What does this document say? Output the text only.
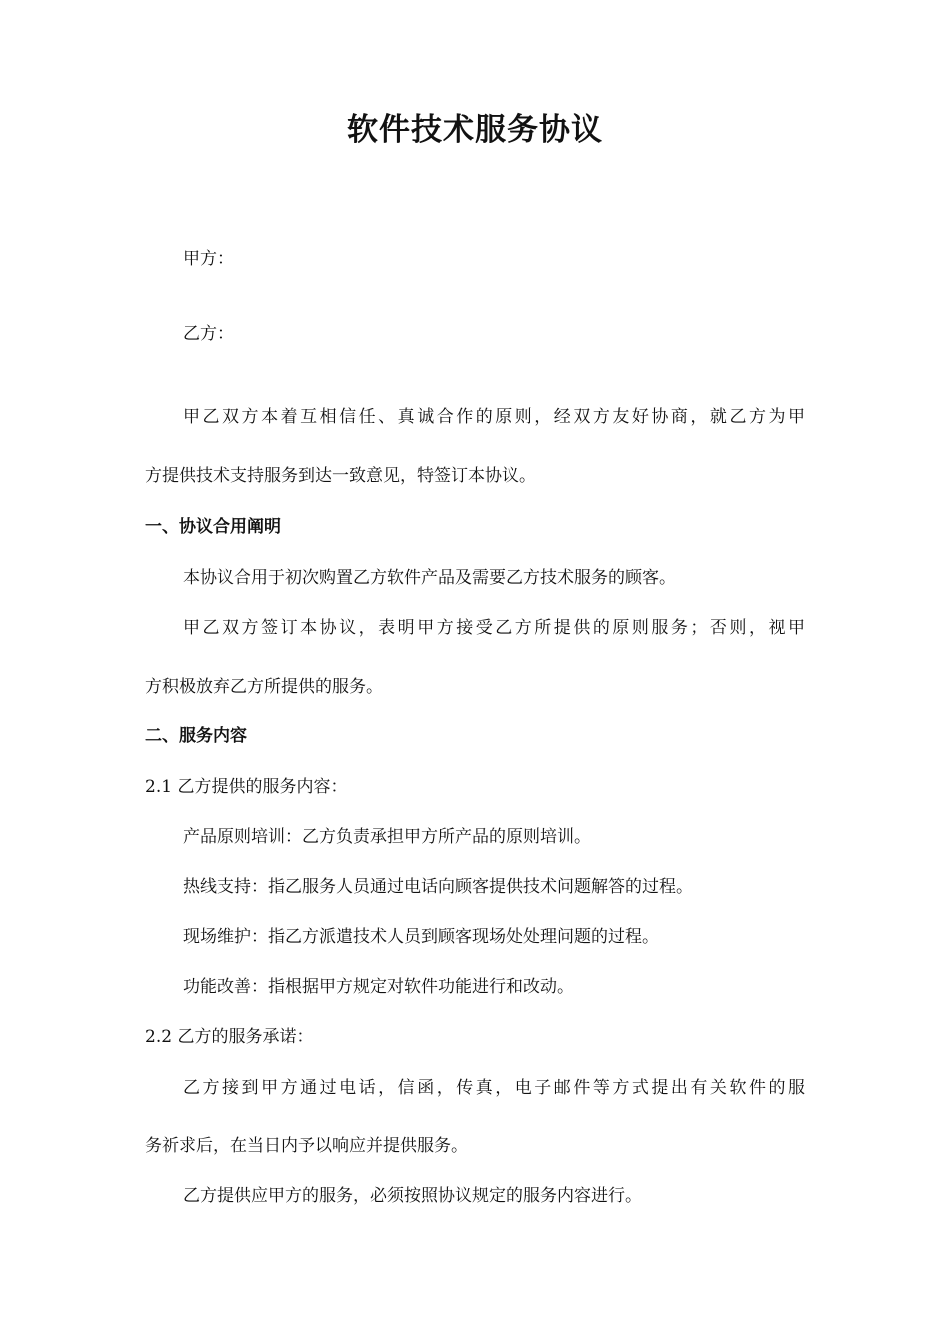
软件技术服务协议
甲方：
乙方：
甲乙双方本着互相信任、真诚合作的原则，经双方友好协商，就乙方为甲
方提供技术支持服务到达一致意见，特签订本协议。
一、协议合用阐明
本协议合用于初次购置乙方软件产品及需要乙方技术服务的顾客。
甲乙双方签订本协议，表明甲方接受乙方所提供的原则服务；否则，视甲
方积极放弃乙方所提供的服务。
二、服务内容
2.1 乙方提供的服务内容：
产品原则培训：乙方负责承担甲方所产品的原则培训。
热线支持：指乙服务人员通过电话向顾客提供技术问题解答的过程。
现场维护：指乙方派遣技术人员到顾客现场处处理问题的过程。
功能改善：指根据甲方规定对软件功能进行和改动。
2.2 乙方的服务承诺：
乙方接到甲方通过电话，信函，传真，电子邮件等方式提出有关软件的服
务祈求后，在当日内予以响应并提供服务。
乙方提供应甲方的服务，必须按照协议规定的服务内容进行。
